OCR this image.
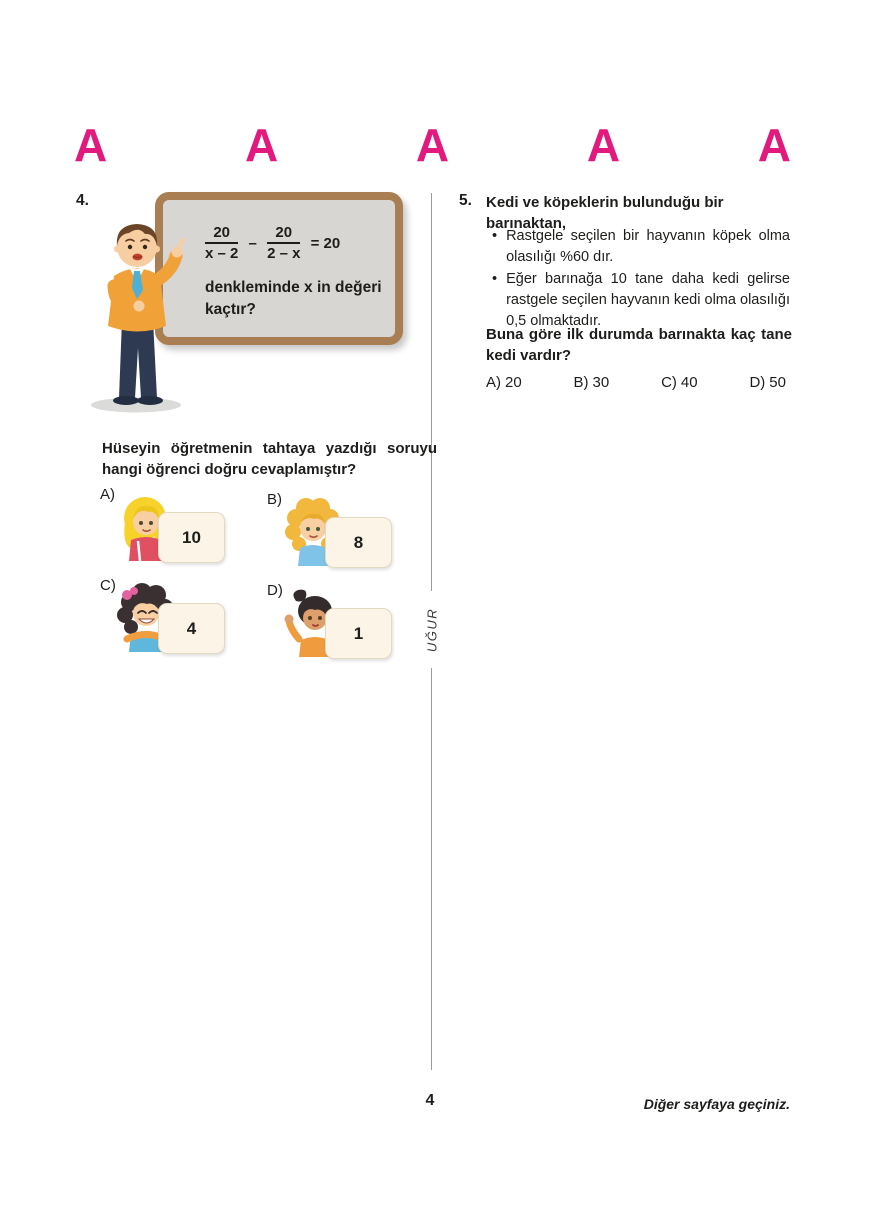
A	A	A	A	A
UĞUR
4.
$\frac{20}{x - 2} - \frac{20}{2 - x} = 20$
denkleminde x in değeri kaçtır?

Hüseyin öğretmenin tahtaya yazdığı soruyu hangi öğrenci doğru cevaplamıştır?

A)
10
B)
8
C)
4
D)
1
5. Kedi ve köpeklerin bulunduğu bir barınaktan,

• Rastgele seçilen bir hayvanın köpek olma olasılığı %60 dır.
• Eğer barınağa 10 tane daha kedi gelirse rastgele seçilen hayvanın kedi olma olasılığı 0,5 olmaktadır.

Buna göre ilk durumda barınakta kaç tane kedi vardır?

A) 20	B) 30	C) 40	D) 50
4	Diğer sayfaya geçiniz.
